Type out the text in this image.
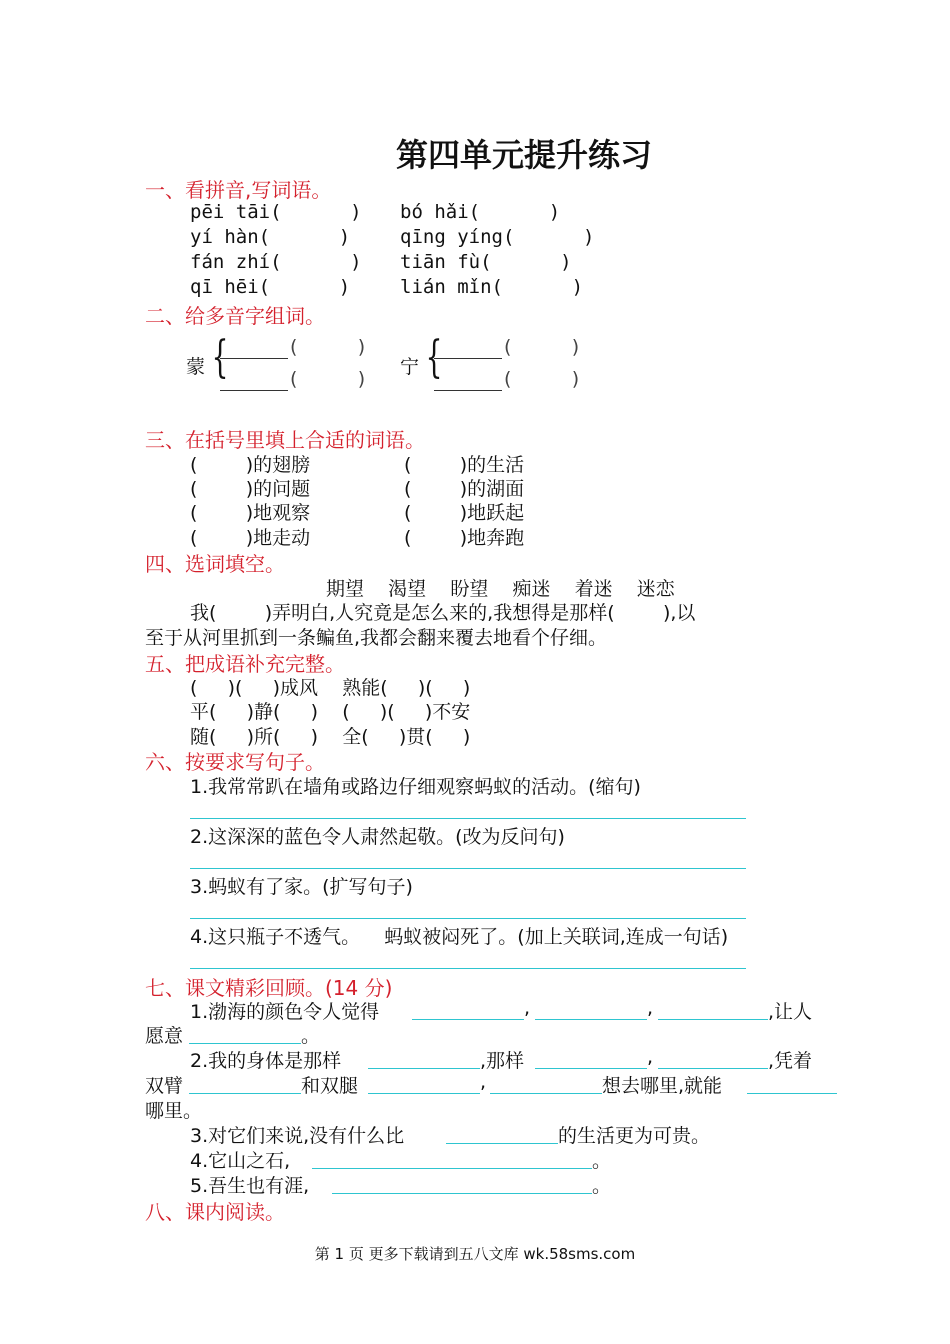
第四单元提升练习
一、看拼音,写词语。
pēi tāi(      ) bó hǎi(      )
yí hàn(      )	qīng yíng(      )
fán zhí(      ) tiān fù(      )
qī hēi(      )	lián mǐn(      )
二、给多音字组词。
蒙 {	(          )
(          )
宁 {	(          )
(          )
三、在括号里填上合适的词语。
(        )的翅膀	(        )的生活
(        )的问题	(        )的湖面
(        )地观察	(        )地跃起
(        )地走动	(        )地奔跑
四、选词填空。
期望    渴望    盼望    痴迷    着迷    迷恋
我(        )弄明白,人究竟是怎么来的,我想得是那样(        ),以
至于从河里抓到一条鳊鱼,我都会翻来覆去地看个仔细。
五、把成语补充完整。
(     )(     )成风    熟能(     )(     )
平(     )静(     )    (     )(     )不安
随(     )所(     )    全(     )贯(     )
六、按要求写句子。
1.我常常趴在墙角或路边仔细观察蚂蚁的活动。(缩句)
2.这深深的蓝色令人肃然起敬。(改为反问句)
3.蚂蚁有了家。(扩写句子)
4.这只瓶子不透气。    蚂蚁被闷死了。(加上关联词,连成一句话)
七、课文精彩回顾。(14 分)
1.渤海的颜色令人觉得	,	,	,让人
愿意	。
2.我的身体是那样	,那样	,	,凭着
双臂	和双腿	,	想去哪里,就能
哪里。
3.对它们来说,没有什么比	的生活更为可贵。
4.它山之石,	。
5.吾生也有涯,	。
八、课内阅读。
第 1 页 更多下载请到五八文库 wk.58sms.com
